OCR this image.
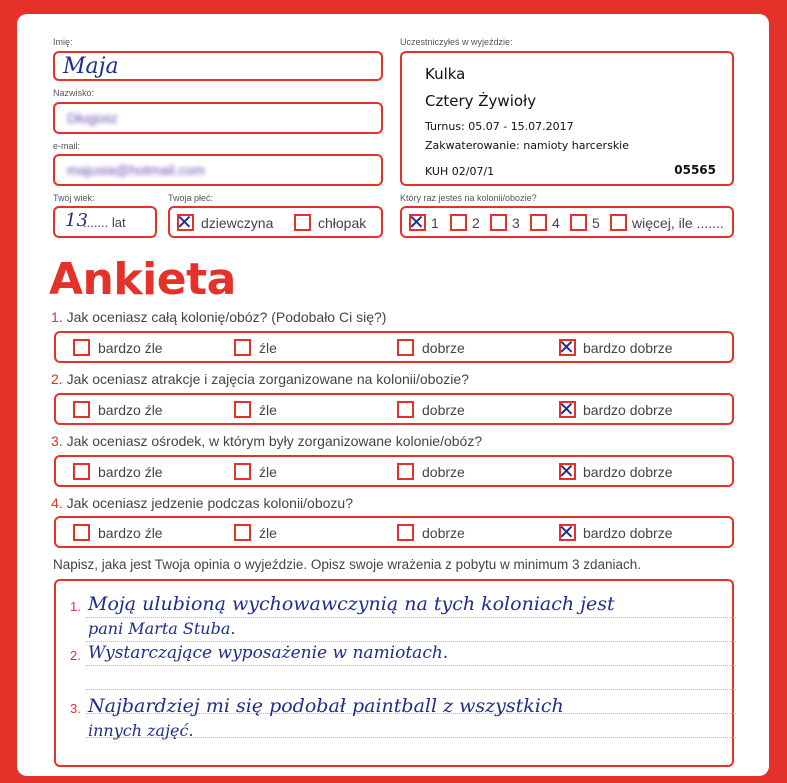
Imię:
Maja
Nazwisko:
Długosz
e-mail:
majusia@hotmail.com
Twój wiek:
13
....... lat
Twoja płeć:
✕ dziewczyna	chłopak
Uczestniczyłeś w wyjeździe:
Kulka
Cztery Żywioły
Turnus: 05.07 - 15.07.2017
Zakwaterowanie: namioty harcerskie
KUH 02/07/1	05565
Który raz jesteś na kolonii/obozie?
✕ 1 2 3 4 5 więcej, ile .......
Ankieta
1. Jak oceniasz całą kolonię/obóz? (Podobało Ci się?)
bardzo źle	źle	dobrze	✕ bardzo dobrze
2. Jak oceniasz atrakcje i zajęcia zorganizowane na kolonii/obozie?
bardzo źle	źle	dobrze	✕ bardzo dobrze
3. Jak oceniasz ośrodek, w którym były zorganizowane kolonie/obóz?
bardzo źle	źle	dobrze	✕ bardzo dobrze
4. Jak oceniasz jedzenie podczas kolonii/obozu?
bardzo źle	źle	dobrze	✕ bardzo dobrze
Napisz, jaka jest Twoja opinia o wyjeździe. Opisz swoje wrażenia z pobytu w minimum 3 zdaniach.
1. Moją ulubioną wychowawczynią na tych koloniach jest
pani Marta Stuba.
2. Wystarczające wyposażenie w namiotach.
3. Najbardziej mi się podobał paintball z wszystkich
innych zajęć.
